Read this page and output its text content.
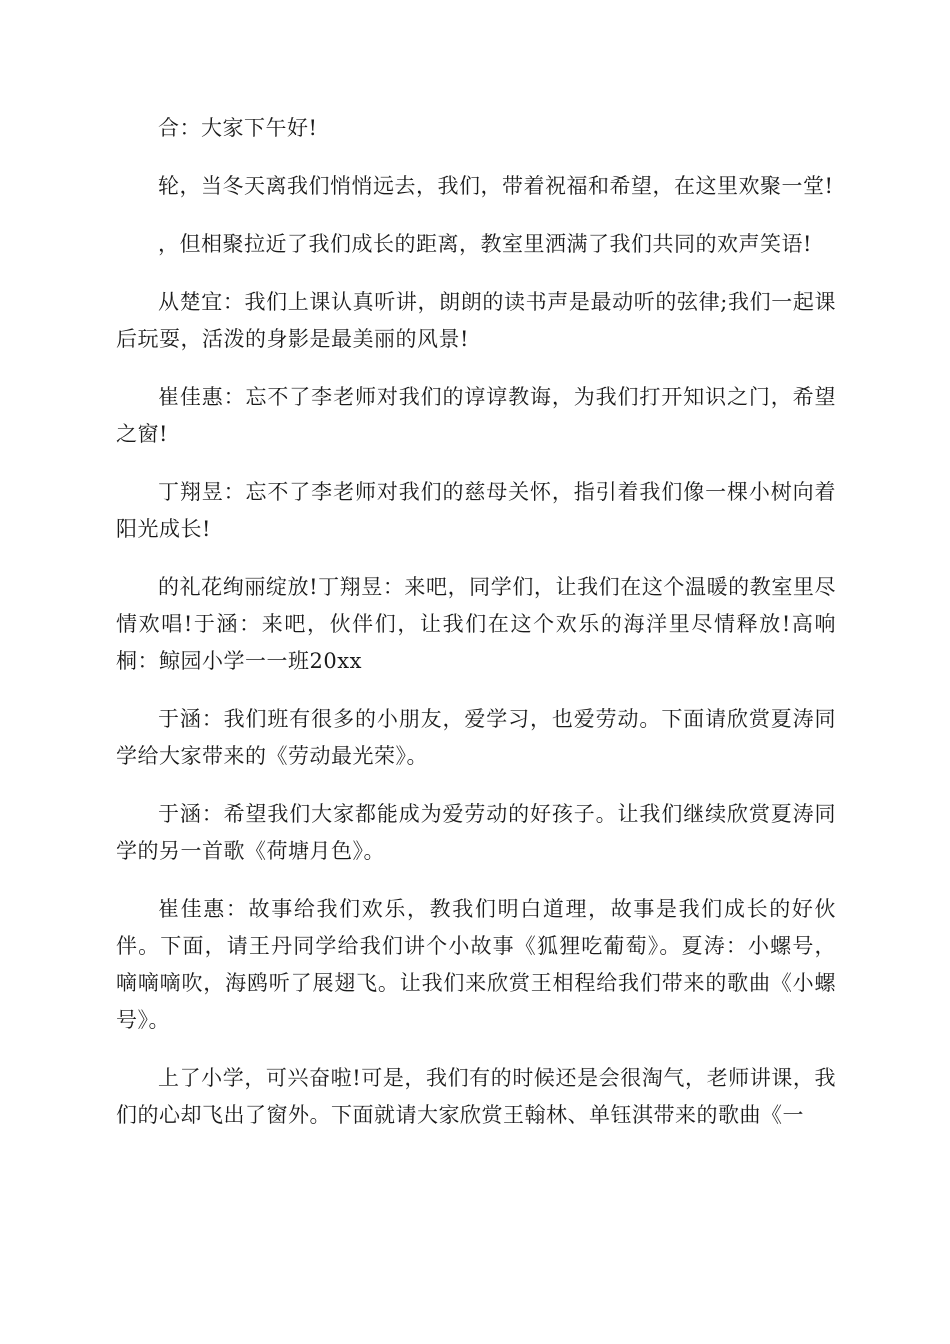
合：大家下午好!

轮，当冬天离我们悄悄远去，我们，带着祝福和希望，在这里欢聚一堂!

，但相聚拉近了我们成长的距离，教室里洒满了我们共同的欢声笑语!

从楚宜：我们上课认真听讲，朗朗的读书声是最动听的弦律;我们一起课后玩耍，活泼的身影是最美丽的风景!

崔佳惠：忘不了李老师对我们的谆谆教诲，为我们打开知识之门，希望之窗!

丁翔昱：忘不了李老师对我们的慈母关怀，指引着我们像一棵小树向着阳光成长!

的礼花绚丽绽放!丁翔昱：来吧，同学们，让我们在这个温暖的教室里尽情欢唱!于涵：来吧，伙伴们，让我们在这个欢乐的海洋里尽情释放!高响桐：鲸园小学一一班20xx

于涵：我们班有很多的小朋友，爱学习，也爱劳动。下面请欣赏夏涛同学给大家带来的《劳动最光荣》。

于涵：希望我们大家都能成为爱劳动的好孩子。让我们继续欣赏夏涛同学的另一首歌《荷塘月色》。

崔佳惠：故事给我们欢乐，教我们明白道理，故事是我们成长的好伙伴。下面，请王丹同学给我们讲个小故事《狐狸吃葡萄》。夏涛：小螺号，嘀嘀嘀吹，海鸥听了展翅飞。让我们来欣赏王相程给我们带来的歌曲《小螺号》。

上了小学，可兴奋啦!可是，我们有的时候还是会很淘气，老师讲课，我们的心却飞出了窗外。下面就请大家欣赏王翰林、单钰淇带来的歌曲《一
